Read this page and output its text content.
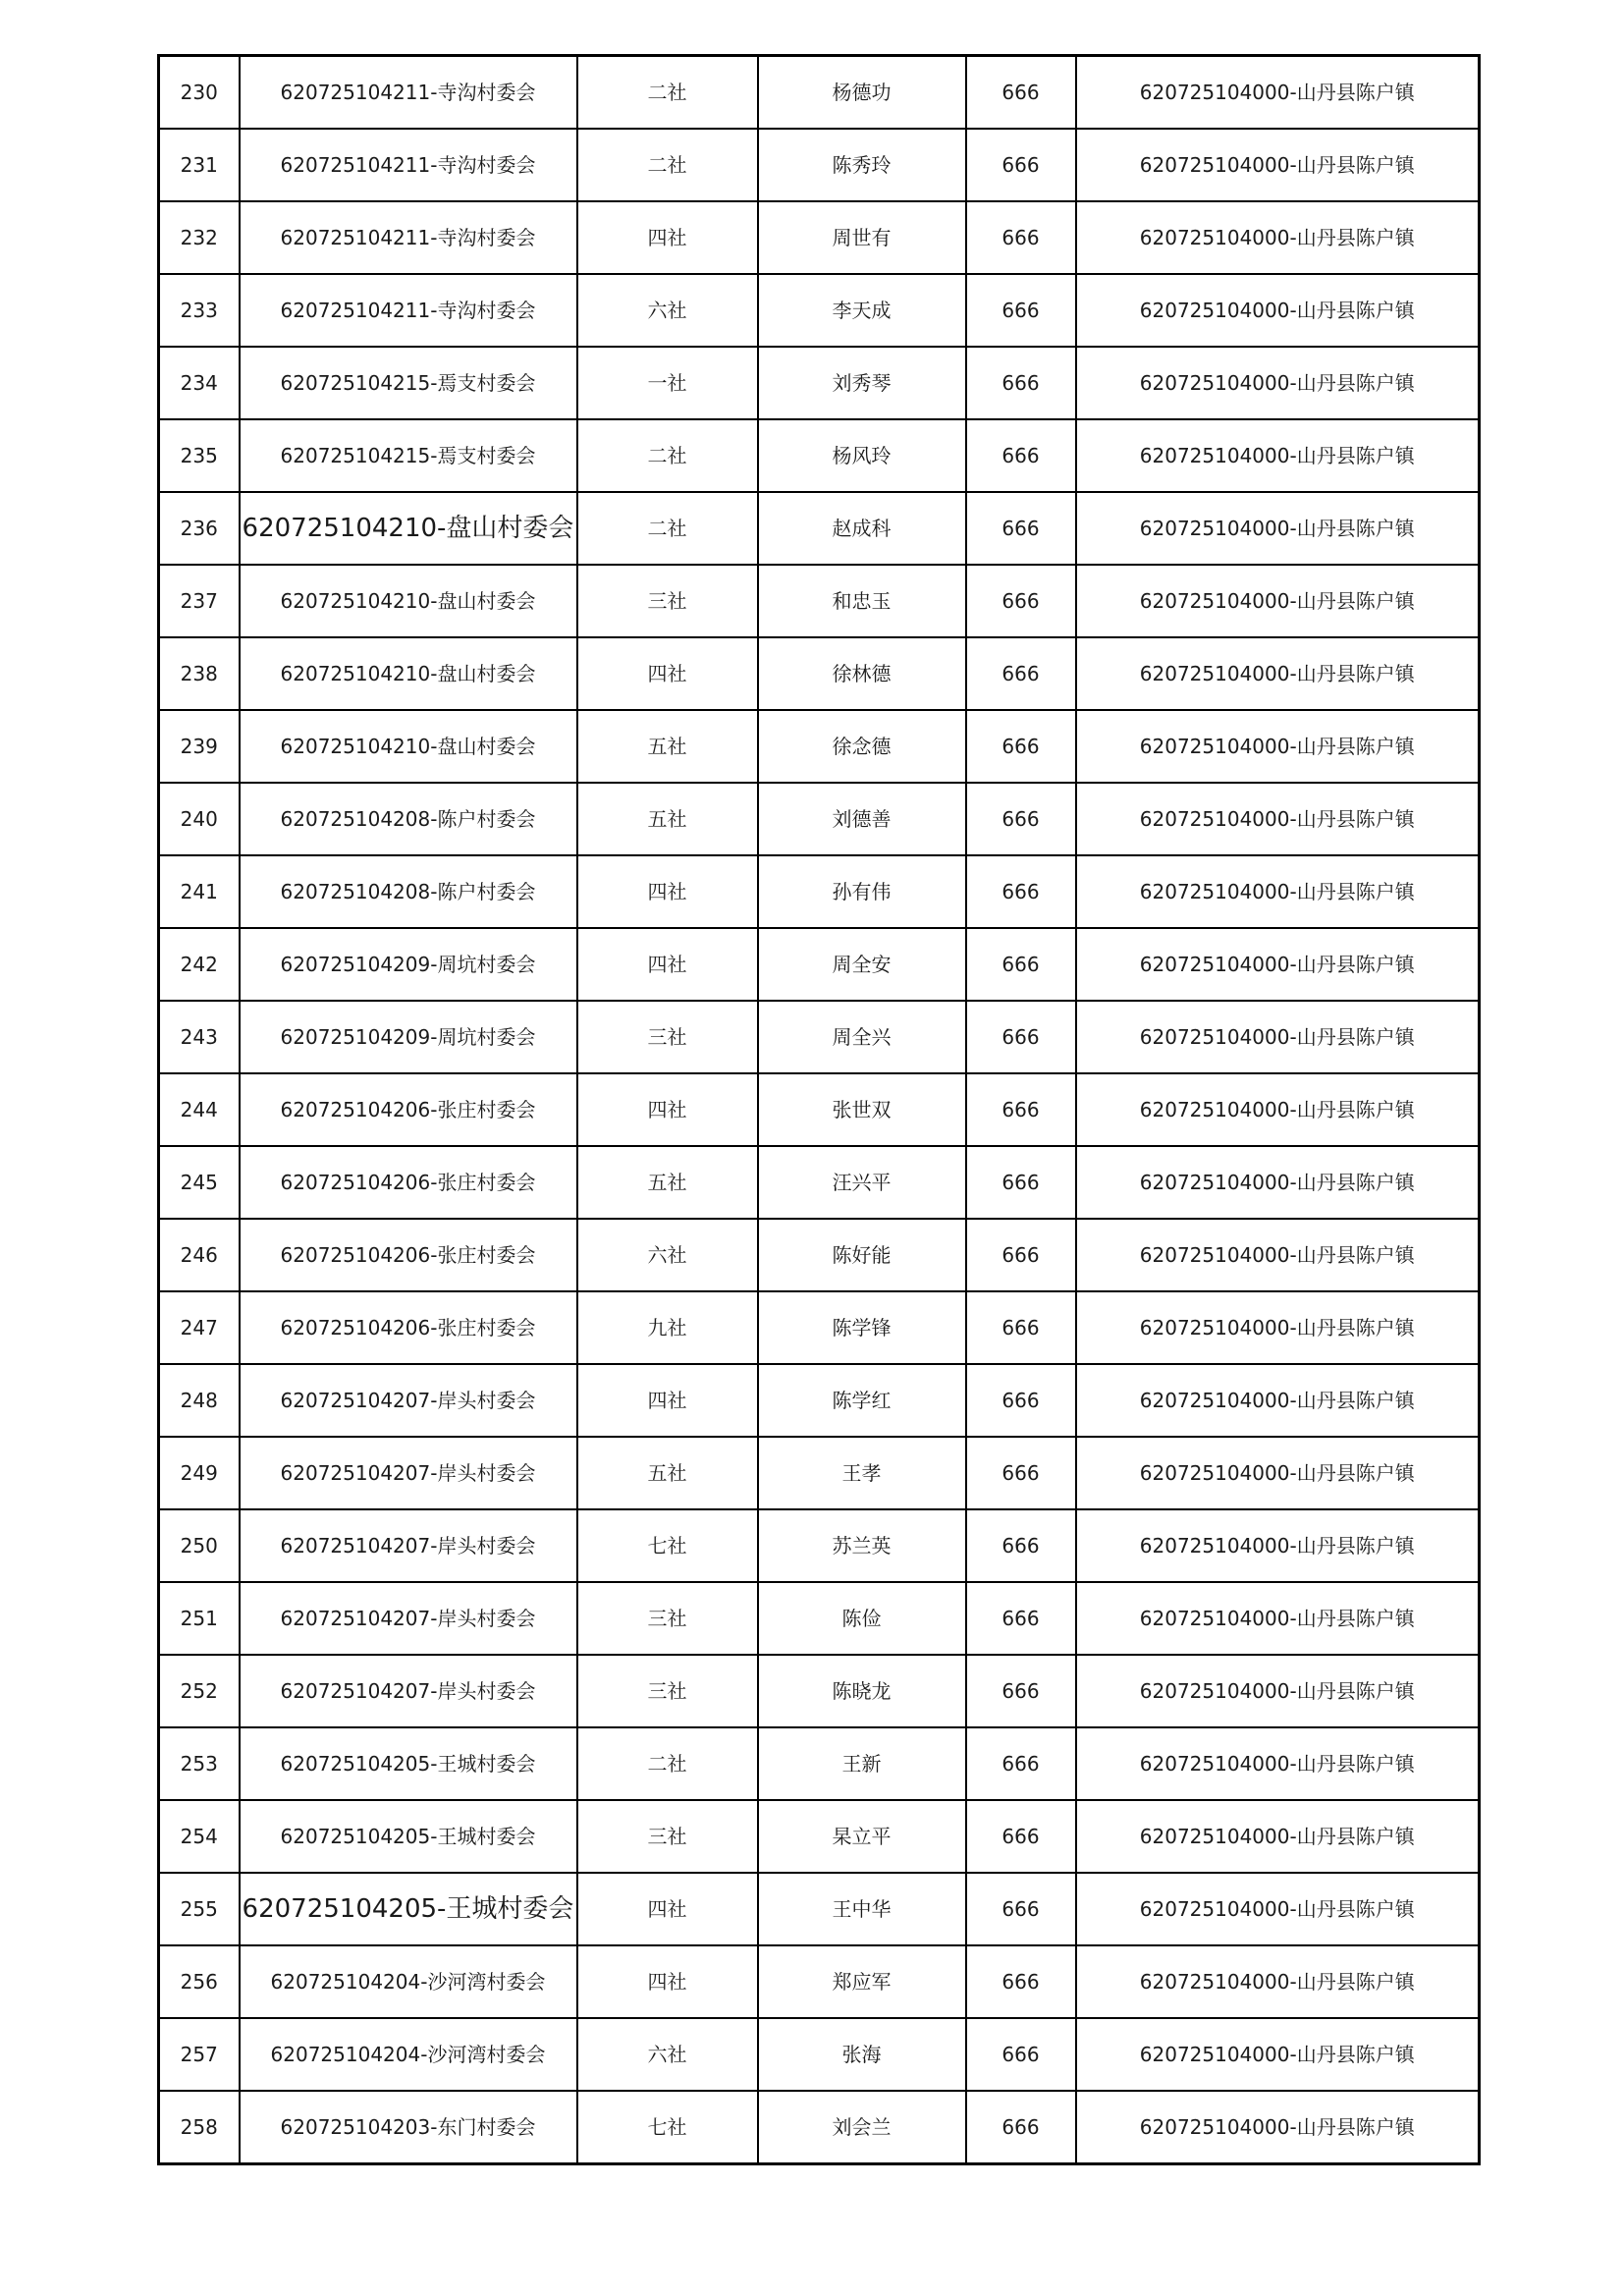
230	620725104211-寺沟村委会	二社	杨德功	666	620725104000-山丹县陈户镇
231	620725104211-寺沟村委会	二社	陈秀玲	666	620725104000-山丹县陈户镇
232	620725104211-寺沟村委会	四社	周世有	666	620725104000-山丹县陈户镇
233	620725104211-寺沟村委会	六社	李天成	666	620725104000-山丹县陈户镇
234	620725104215-焉支村委会	一社	刘秀琴	666	620725104000-山丹县陈户镇
235	620725104215-焉支村委会	二社	杨风玲	666	620725104000-山丹县陈户镇
236	620725104210-盘山村委会	二社	赵成科	666	620725104000-山丹县陈户镇
237	620725104210-盘山村委会	三社	和忠玉	666	620725104000-山丹县陈户镇
238	620725104210-盘山村委会	四社	徐林德	666	620725104000-山丹县陈户镇
239	620725104210-盘山村委会	五社	徐念德	666	620725104000-山丹县陈户镇
240	620725104208-陈户村委会	五社	刘德善	666	620725104000-山丹县陈户镇
241	620725104208-陈户村委会	四社	孙有伟	666	620725104000-山丹县陈户镇
242	620725104209-周坑村委会	四社	周全安	666	620725104000-山丹县陈户镇
243	620725104209-周坑村委会	三社	周全兴	666	620725104000-山丹县陈户镇
244	620725104206-张庄村委会	四社	张世双	666	620725104000-山丹县陈户镇
245	620725104206-张庄村委会	五社	汪兴平	666	620725104000-山丹县陈户镇
246	620725104206-张庄村委会	六社	陈好能	666	620725104000-山丹县陈户镇
247	620725104206-张庄村委会	九社	陈学锋	666	620725104000-山丹县陈户镇
248	620725104207-岸头村委会	四社	陈学红	666	620725104000-山丹县陈户镇
249	620725104207-岸头村委会	五社	王孝	666	620725104000-山丹县陈户镇
250	620725104207-岸头村委会	七社	苏兰英	666	620725104000-山丹县陈户镇
251	620725104207-岸头村委会	三社	陈俭	666	620725104000-山丹县陈户镇
252	620725104207-岸头村委会	三社	陈晓龙	666	620725104000-山丹县陈户镇
253	620725104205-王城村委会	二社	王新	666	620725104000-山丹县陈户镇
254	620725104205-王城村委会	三社	杲立平	666	620725104000-山丹县陈户镇
255	620725104205-王城村委会	四社	王中华	666	620725104000-山丹县陈户镇
256	620725104204-沙河湾村委会	四社	郑应军	666	620725104000-山丹县陈户镇
257	620725104204-沙河湾村委会	六社	张海	666	620725104000-山丹县陈户镇
258	620725104203-东门村委会	七社	刘会兰	666	620725104000-山丹县陈户镇
